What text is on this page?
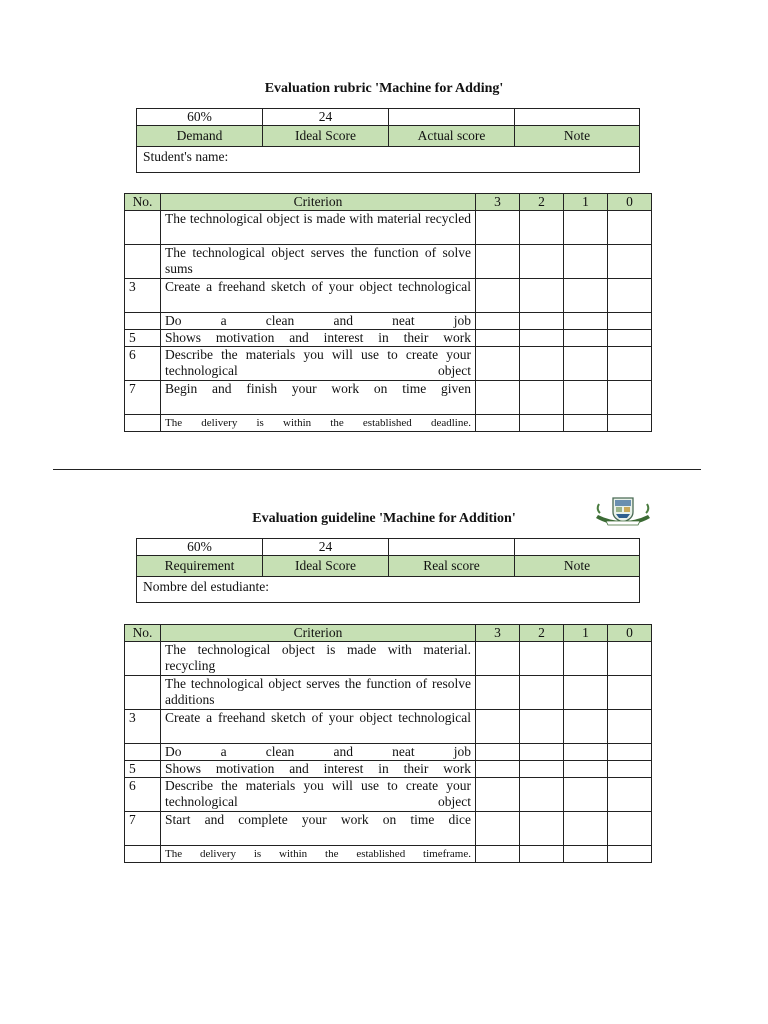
Evaluation rubric 'Machine for Adding'
60%	24		
Demand	Ideal Score	Actual score	Note
Student's name:			
No.	Criterion	3	2	1	0
	The technological object is made with material recycled				
	The technological object serves the function of solve sums				
3	Create a freehand sketch of your object technological				
	Do a clean and neat job				
5	Shows motivation and interest in their work				
6	Describe the materials you will use to create your technological object				
7	Begin and finish your work on time given				
	The delivery is within the established deadline.				
Evaluation guideline 'Machine for Addition'
60%	24		
Requirement	Ideal Score	Real score	Note
Nombre del estudiante:			
No.	Criterion	3	2	1	0
	The technological object is made with material. recycling				
	The technological object serves the function of resolve additions				
3	Create a freehand sketch of your object technological				
	Do a clean and neat job				
5	Shows motivation and interest in their work				
6	Describe the materials you will use to create your technological object				
7	Start and complete your work on time dice				
	The delivery is within the established timeframe.				
